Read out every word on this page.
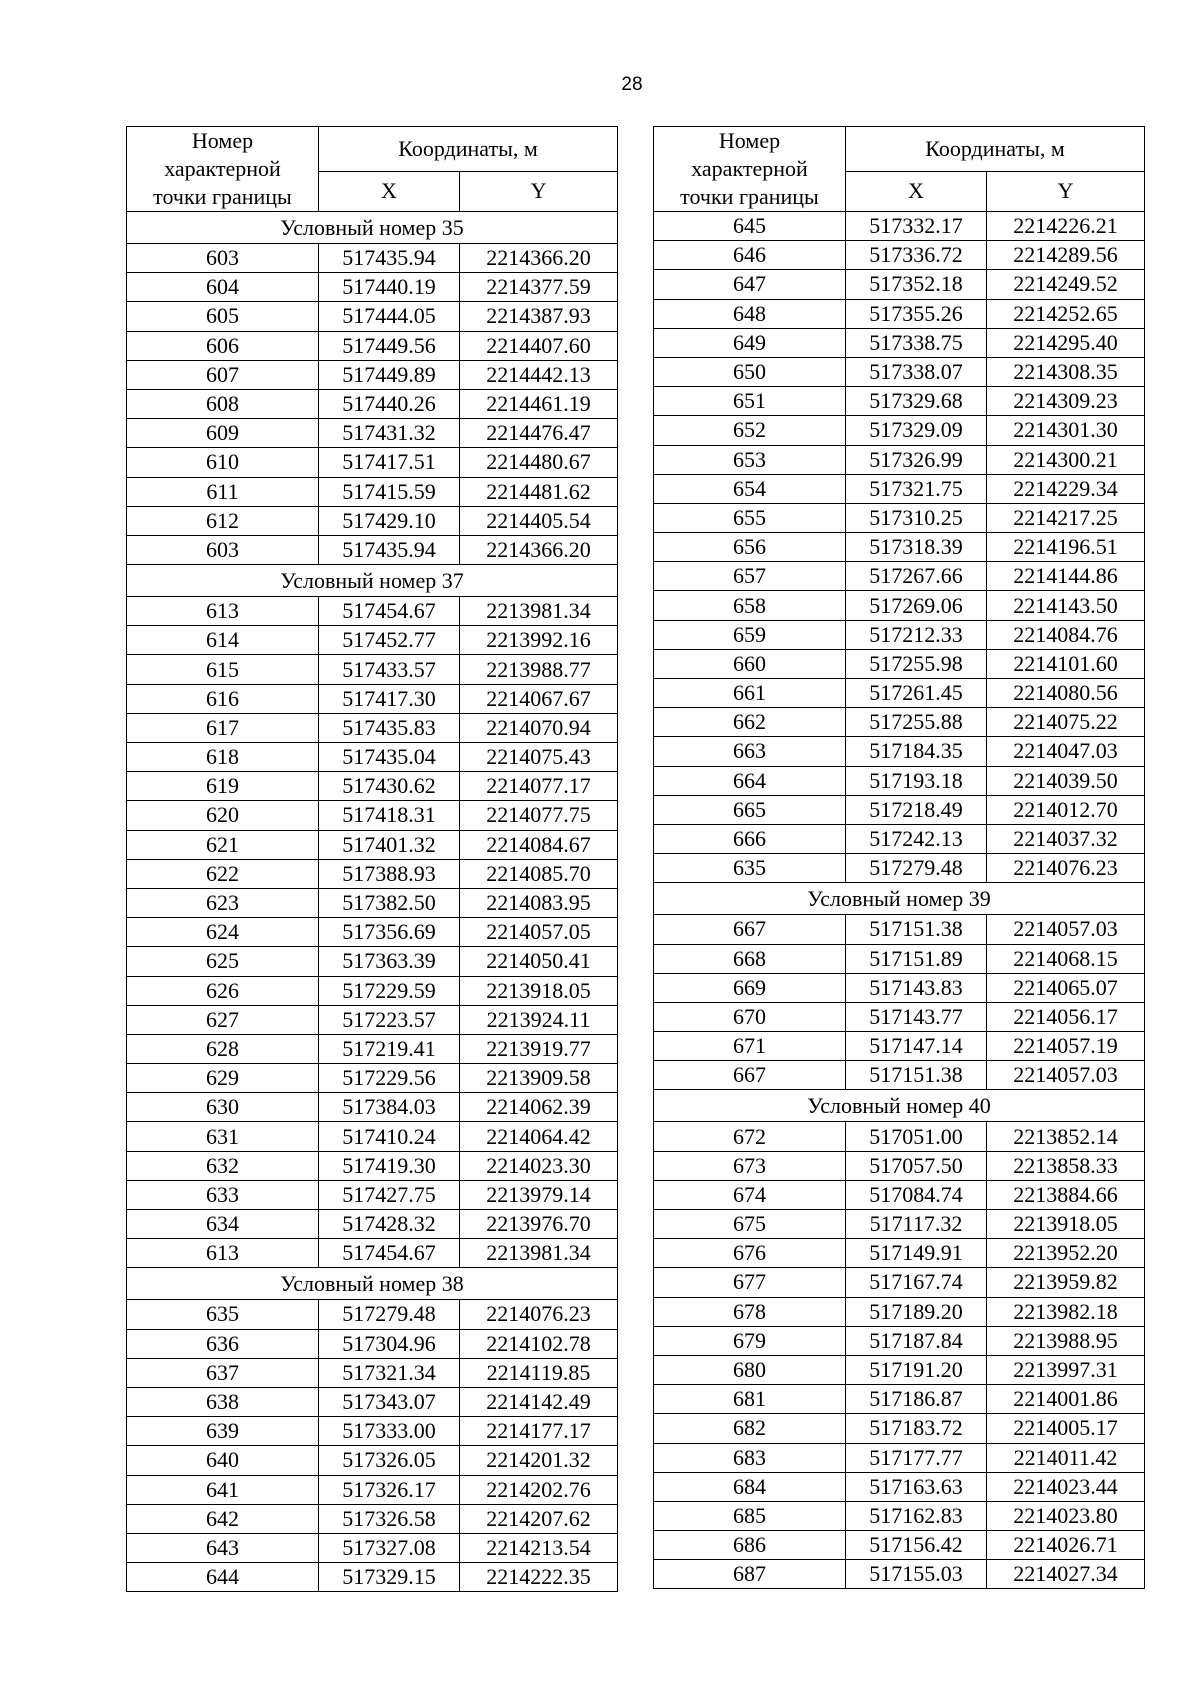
28
Номер
характерной
точки границы	Координаты, м	
	X	Y
Условный номер 35		
603	517435.94	2214366.20
604	517440.19	2214377.59
605	517444.05	2214387.93
606	517449.56	2214407.60
607	517449.89	2214442.13
608	517440.26	2214461.19
609	517431.32	2214476.47
610	517417.51	2214480.67
611	517415.59	2214481.62
612	517429.10	2214405.54
603	517435.94	2214366.20
Условный номер 37		
613	517454.67	2213981.34
614	517452.77	2213992.16
615	517433.57	2213988.77
616	517417.30	2214067.67
617	517435.83	2214070.94
618	517435.04	2214075.43
619	517430.62	2214077.17
620	517418.31	2214077.75
621	517401.32	2214084.67
622	517388.93	2214085.70
623	517382.50	2214083.95
624	517356.69	2214057.05
625	517363.39	2214050.41
626	517229.59	2213918.05
627	517223.57	2213924.11
628	517219.41	2213919.77
629	517229.56	2213909.58
630	517384.03	2214062.39
631	517410.24	2214064.42
632	517419.30	2214023.30
633	517427.75	2213979.14
634	517428.32	2213976.70
613	517454.67	2213981.34
Условный номер 38		
635	517279.48	2214076.23
636	517304.96	2214102.78
637	517321.34	2214119.85
638	517343.07	2214142.49
639	517333.00	2214177.17
640	517326.05	2214201.32
641	517326.17	2214202.76
642	517326.58	2214207.62
643	517327.08	2214213.54
644	517329.15	2214222.35
Номер
характерной
точки границы	Координаты, м	
	X	Y
645	517332.17	2214226.21
646	517336.72	2214289.56
647	517352.18	2214249.52
648	517355.26	2214252.65
649	517338.75	2214295.40
650	517338.07	2214308.35
651	517329.68	2214309.23
652	517329.09	2214301.30
653	517326.99	2214300.21
654	517321.75	2214229.34
655	517310.25	2214217.25
656	517318.39	2214196.51
657	517267.66	2214144.86
658	517269.06	2214143.50
659	517212.33	2214084.76
660	517255.98	2214101.60
661	517261.45	2214080.56
662	517255.88	2214075.22
663	517184.35	2214047.03
664	517193.18	2214039.50
665	517218.49	2214012.70
666	517242.13	2214037.32
635	517279.48	2214076.23
Условный номер 39		
667	517151.38	2214057.03
668	517151.89	2214068.15
669	517143.83	2214065.07
670	517143.77	2214056.17
671	517147.14	2214057.19
667	517151.38	2214057.03
Условный номер 40		
672	517051.00	2213852.14
673	517057.50	2213858.33
674	517084.74	2213884.66
675	517117.32	2213918.05
676	517149.91	2213952.20
677	517167.74	2213959.82
678	517189.20	2213982.18
679	517187.84	2213988.95
680	517191.20	2213997.31
681	517186.87	2214001.86
682	517183.72	2214005.17
683	517177.77	2214011.42
684	517163.63	2214023.44
685	517162.83	2214023.80
686	517156.42	2214026.71
687	517155.03	2214027.34
